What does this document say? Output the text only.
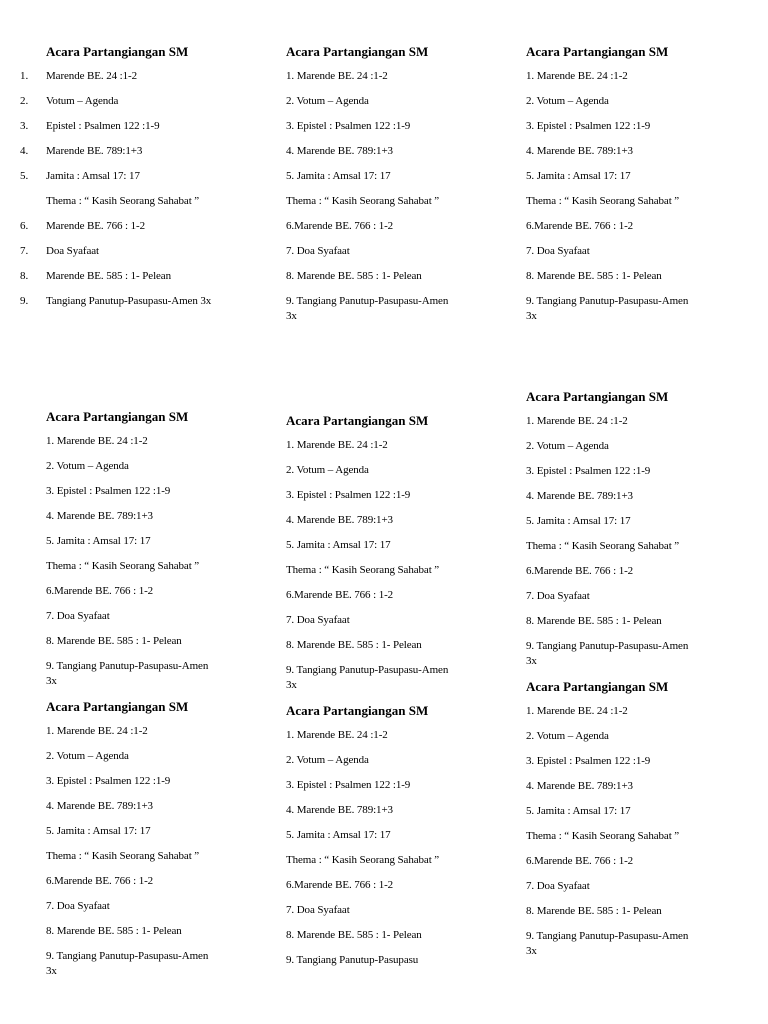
Acara Partangiangan SM
1. Marende BE. 24 :1-2
2. Votum – Agenda
3. Epistel : Psalmen 122 :1-9
4. Marende BE. 789:1+3
5. Jamita : Amsal 17: 17
Thema : “ Kasih Seorang Sahabat ”
6. Marende BE. 766 : 1-2
7. Doa Syafaat
8. Marende BE. 585 : 1- Pelean
9. Tangiang Panutup-Pasupasu-Amen 3x
Acara Partangiangan SM
1. Marende BE. 24 :1-2
2. Votum – Agenda
3. Epistel : Psalmen 122 :1-9
4. Marende BE. 789:1+3
5. Jamita : Amsal 17: 17
Thema : “ Kasih Seorang Sahabat ”
6.Marende BE. 766 : 1-2
7. Doa Syafaat
8. Marende BE. 585 : 1- Pelean
9. Tangiang Panutup-Pasupasu-Amen 3x
Acara Partangiangan SM
1. Marende BE. 24 :1-2
2. Votum – Agenda
3. Epistel : Psalmen 122 :1-9
4. Marende BE. 789:1+3
5. Jamita : Amsal 17: 17
Thema : “ Kasih Seorang Sahabat ”
6.Marende BE. 766 : 1-2
7. Doa Syafaat
8. Marende BE. 585 : 1- Pelean
9. Tangiang Panutup-Pasupasu-Amen 3x
Acara Partangiangan SM
1. Marende BE. 24 :1-2
2. Votum – Agenda
3. Epistel : Psalmen 122 :1-9
4. Marende BE. 789:1+3
5. Jamita : Amsal 17: 17
Thema : “ Kasih Seorang Sahabat ”
6.Marende BE. 766 : 1-2
7. Doa Syafaat
8. Marende BE. 585 : 1- Pelean
9. Tangiang Panutup-Pasupasu-Amen 3x
Acara Partangiangan SM
1. Marende BE. 24 :1-2
2. Votum – Agenda
3. Epistel : Psalmen 122 :1-9
4. Marende BE. 789:1+3
5. Jamita : Amsal 17: 17
Thema : “ Kasih Seorang Sahabat ”
6.Marende BE. 766 : 1-2
7. Doa Syafaat
8. Marende BE. 585 : 1- Pelean
9. Tangiang Panutup-Pasupasu-Amen 3x
Acara Partangiangan SM
1. Marende BE. 24 :1-2
2. Votum – Agenda
3. Epistel : Psalmen 122 :1-9
4. Marende BE. 789:1+3
5. Jamita : Amsal 17: 17
Thema : “ Kasih Seorang Sahabat ”
6.Marende BE. 766 : 1-2
7. Doa Syafaat
8. Marende BE. 585 : 1- Pelean
9. Tangiang Panutup-Pasupasu-Amen 3x
Acara Partangiangan SM
1. Marende BE. 24 :1-2
2. Votum – Agenda
3. Epistel : Psalmen 122 :1-9
4. Marende BE. 789:1+3
5. Jamita : Amsal 17: 17
Thema : “ Kasih Seorang Sahabat ”
6.Marende BE. 766 : 1-2
7. Doa Syafaat
8. Marende BE. 585 : 1- Pelean
9. Tangiang Panutup-Pasupasu-Amen 3x
Acara Partangiangan SM
1. Marende BE. 24 :1-2
2. Votum – Agenda
3. Epistel : Psalmen 122 :1-9
4. Marende BE. 789:1+3
5. Jamita : Amsal 17: 17
Thema : “ Kasih Seorang Sahabat ”
6.Marende BE. 766 : 1-2
7. Doa Syafaat
8. Marende BE. 585 : 1- Pelean
9. Tangiang Panutup-Pasupasu
Acara Partangiangan SM
1. Marende BE. 24 :1-2
2. Votum – Agenda
3. Epistel : Psalmen 122 :1-9
4. Marende BE. 789:1+3
5. Jamita : Amsal 17: 17
Thema : “ Kasih Seorang Sahabat ”
6.Marende BE. 766 : 1-2
7. Doa Syafaat
8. Marende BE. 585 : 1- Pelean
9. Tangiang Panutup-Pasupasu-Amen 3x
